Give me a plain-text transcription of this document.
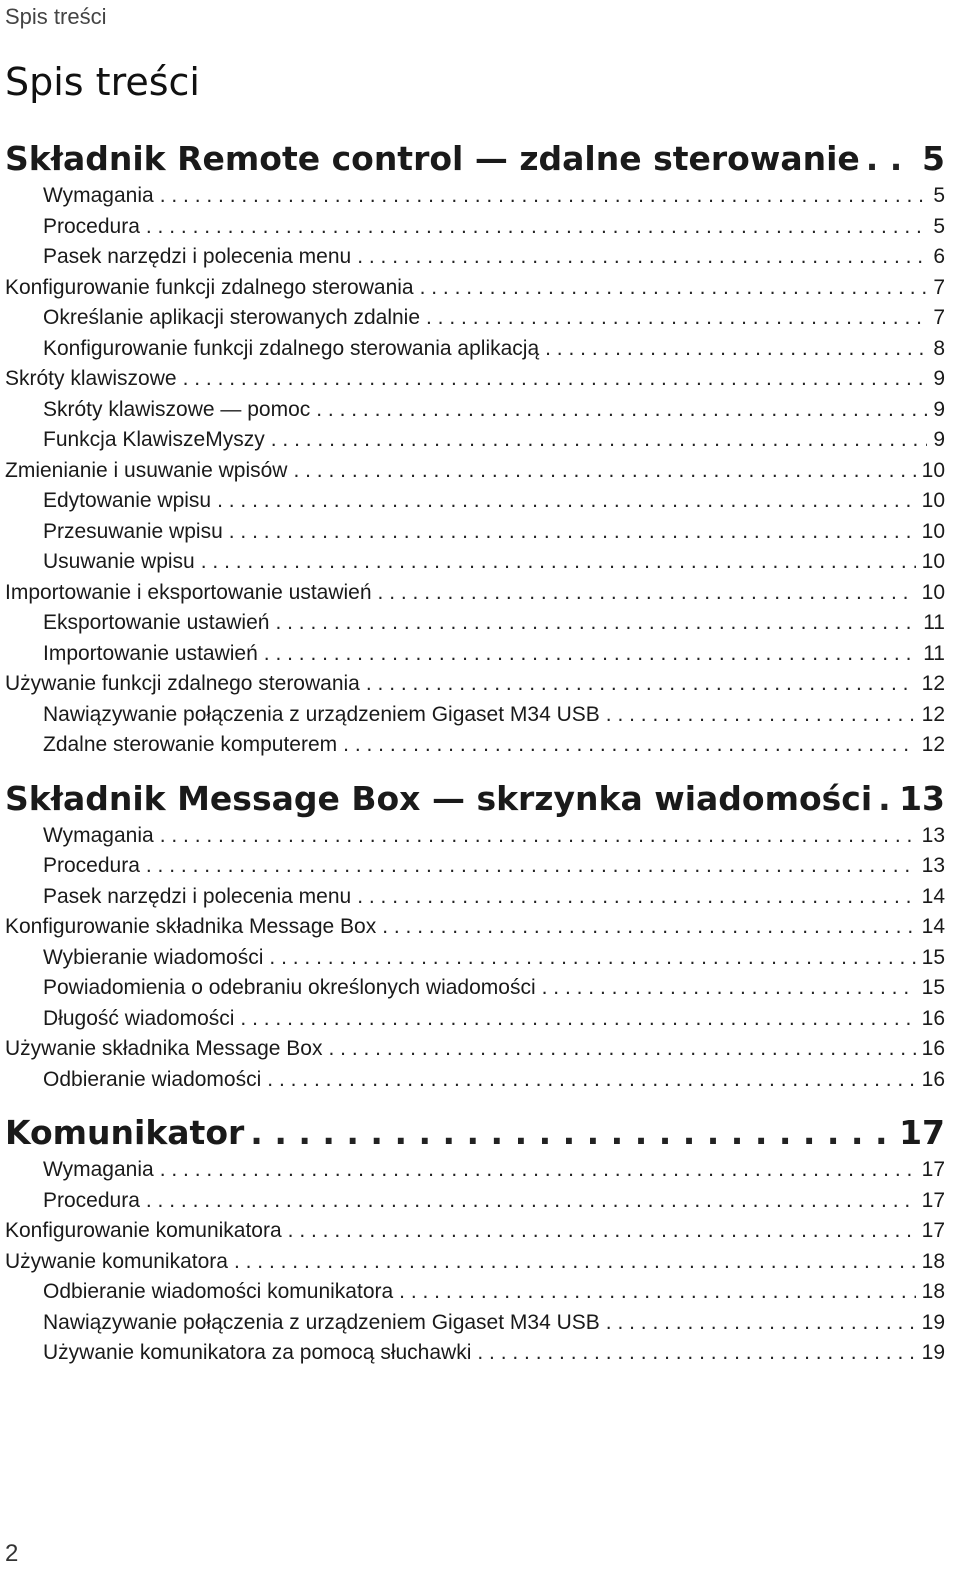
Spis treści
Spis treści
Składnik Remote control — zdalne sterowanie . . . 5
Wymagania . . .	5
Procedura . . .	5
Pasek narzędzi i polecenia menu . . .	6
Konfigurowanie funkcji zdalnego sterowania . . .	7
Określanie aplikacji sterowanych zdalnie . . .	7
Konfigurowanie funkcji zdalnego sterowania aplikacją . . .	8
Skróty klawiszowe . . .	9
Skróty klawiszowe — pomoc . . .	9
Funkcja KlawiszeMyszy . . .	9
Zmienianie i usuwanie wpisów . . .	10
Edytowanie wpisu . . .	10
Przesuwanie wpisu . . .	10
Usuwanie wpisu . . .	10
Importowanie i eksportowanie ustawień . . .	10
Eksportowanie ustawień . . .	11
Importowanie ustawień . . .	11
Używanie funkcji zdalnego sterowania . . .	12
Nawiązywanie połączenia z urządzeniem Gigaset M34 USB . . .	12
Zdalne sterowanie komputerem . . .	12
Składnik Message Box — skrzynka wiadomości . . . 13
Wymagania . . .	13
Procedura . . .	13
Pasek narzędzi i polecenia menu . . .	14
Konfigurowanie składnika Message Box . . .	14
Wybieranie wiadomości . . .	15
Powiadomienia o odebraniu określonych wiadomości . . .	15
Długość wiadomości . . .	16
Używanie składnika Message Box . . .	16
Odbieranie wiadomości . . .	16
Komunikator . . .	17
Wymagania . . .	17
Procedura . . .	17
Konfigurowanie komunikatora . . .	17
Używanie komunikatora . . .	18
Odbieranie wiadomości komunikatora . . .	18
Nawiązywanie połączenia z urządzeniem Gigaset M34 USB . . .	19
Używanie komunikatora za pomocą słuchawki . . .	19
2
